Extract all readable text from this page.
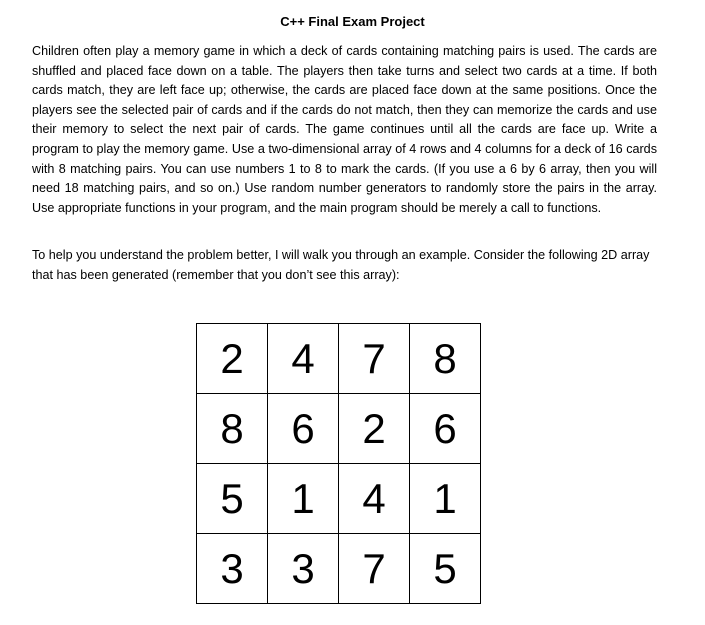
C++ Final Exam Project

Children often play a memory game in which a deck of cards containing matching pairs is used. The cards are shuffled and placed face down on a table. The players then take turns and select two cards at a time. If both cards match, they are left face up; otherwise, the cards are placed face down at the same positions. Once the players see the selected pair of cards and if the cards do not match, then they can memorize the cards and use their memory to select the next pair of cards. The game continues until all the cards are face up. Write a program to play the memory game. Use a two-dimensional array of 4 rows and 4 columns for a deck of 16 cards with 8 matching pairs. You can use numbers 1 to 8 to mark the cards. (If you use a 6 by 6 array, then you will need 18 matching pairs, and so on.) Use random number generators to randomly store the pairs in the array. Use appropriate functions in your program, and the main program should be merely a call to functions.

To help you understand the problem better, I will walk you through an example. Consider the following 2D array that has been generated (remember that you don’t see this array):

2	4	7	8
8	6	2	6
5	1	4	1
3	3	7	5
